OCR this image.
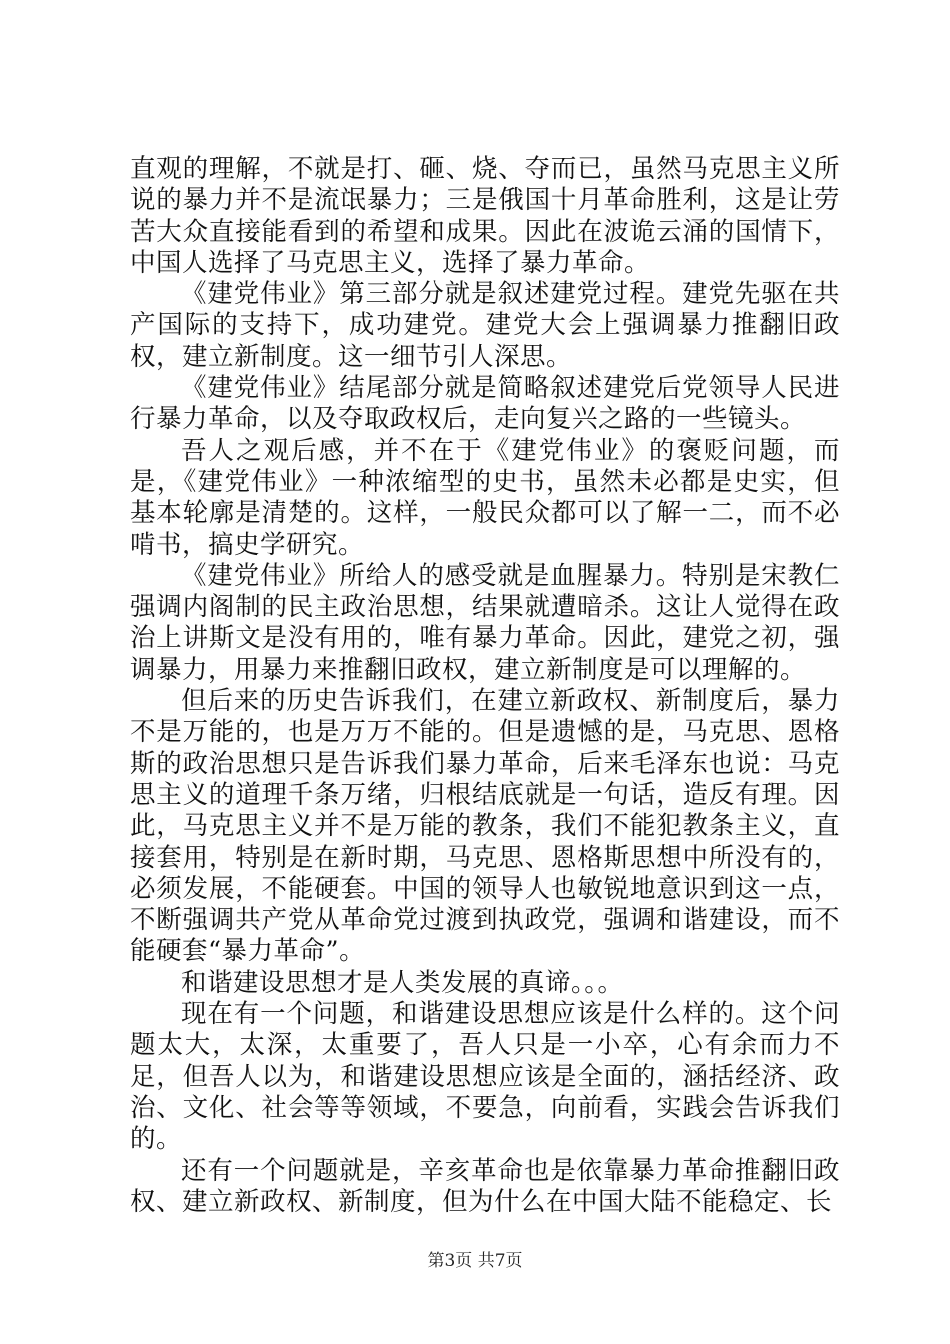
直观的理解，不就是打、砸、烧、夺而已，虽然马克思主义所说的暴力并不是流氓暴力；三是俄国十月革命胜利，这是让劳苦大众直接能看到的希望和成果。因此在波诡云涌的国情下，中国人选择了马克思主义，选择了暴力革命。

《建党伟业》第三部分就是叙述建党过程。建党先驱在共产国际的支持下，成功建党。建党大会上强调暴力推翻旧政权，建立新制度。这一细节引人深思。

《建党伟业》结尾部分就是简略叙述建党后党领导人民进行暴力革命，以及夺取政权后，走向复兴之路的一些镜头。

吾人之观后感，并不在于《建党伟业》的褒贬问题，而是，《建党伟业》一种浓缩型的史书，虽然未必都是史实，但基本轮廓是清楚的。这样，一般民众都可以了解一二，而不必啃书，搞史学研究。

《建党伟业》所给人的感受就是血腥暴力。特别是宋教仁强调内阁制的民主政治思想，结果就遭暗杀。这让人觉得在政治上讲斯文是没有用的，唯有暴力革命。因此，建党之初，强调暴力，用暴力来推翻旧政权，建立新制度是可以理解的。

但后来的历史告诉我们，在建立新政权、新制度后，暴力不是万能的，也是万万不能的。但是遗憾的是，马克思、恩格斯的政治思想只是告诉我们暴力革命，后来毛泽东也说：马克思主义的道理千条万绪，归根结底就是一句话，造反有理。因此，马克思主义并不是万能的教条，我们不能犯教条主义，直接套用，特别是在新时期，马克思、恩格斯思想中所没有的，必须发展，不能硬套。中国的领导人也敏锐地意识到这一点，不断强调共产党从革命党过渡到执政党，强调和谐建设，而不能硬套“暴力革命”。

和谐建设思想才是人类发展的真谛。。。

现在有一个问题，和谐建设思想应该是什么样的。这个问题太大，太深，太重要了，吾人只是一小卒，心有余而力不足，但吾人以为，和谐建设思想应该是全面的，涵括经济、政治、文化、社会等等领域，不要急，向前看，实践会告诉我们的。

还有一个问题就是，辛亥革命也是依靠暴力革命推翻旧政权、建立新政权、新制度，但为什么在中国大陆不能稳定、长

第3页 共7页
